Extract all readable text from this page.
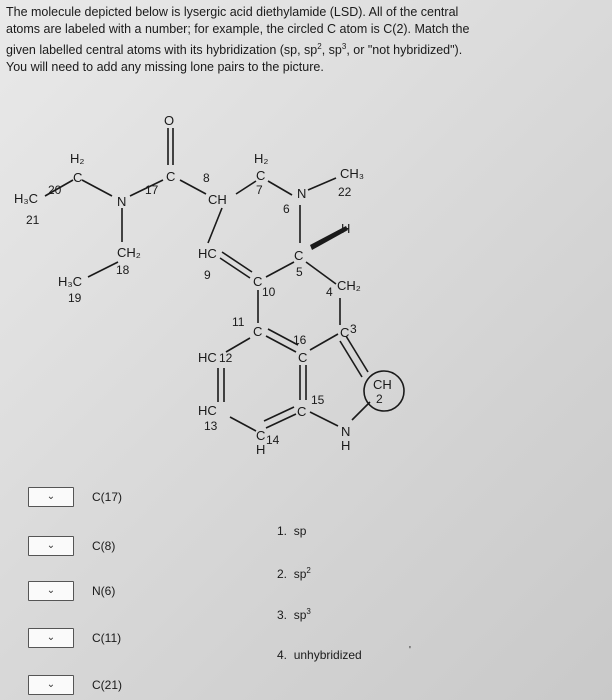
The molecule depicted below is lysergic acid diethylamide (LSD). All of the central

atoms are labeled with a number; for example, the circled C atom is C(2). Match the

given labelled central atoms with its hybridization (sp, $sp^2$, $sp^3$, or "not hybridized").

You will need to add any missing lone pairs to the picture.

O
H₂
C
20
H₃C
21
N
17
C 8
CH
H₂
C
7
CH₃
22
N
6
H
CH₂
18
H₃C
19
HC
9
C
5
C
10	4 CH₂
11
C
16
C
C 3
HC 12
CH
2
HC
13
15
C
N
H
C
H
14
⌄	C(17)
⌄	C(8)
⌄	N(6)
⌄	C(11)
⌄	C(21)
1. sp
2. $sp^2$
3. $sp^3$
4. unhybridized	'
